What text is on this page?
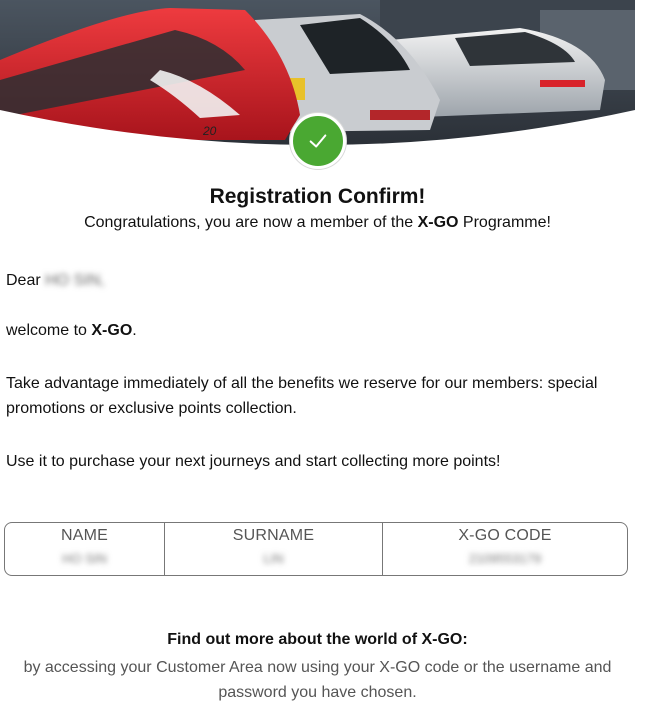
20
Registration Confirm!
Congratulations, you are now a member of the X-GO Programme!
Dear HO SIN,
welcome to X-GO.
Take advantage immediately of all the benefits we reserve for our members: special promotions or exclusive points collection.
Use it to purchase your next journeys and start collecting more points!
NAME
HO SIN
SURNAME
LIN
X-GO CODE
2109553179
Find out more about the world of X-GO:
by accessing your Customer Area now using your X-GO code or the username and password you have chosen.
